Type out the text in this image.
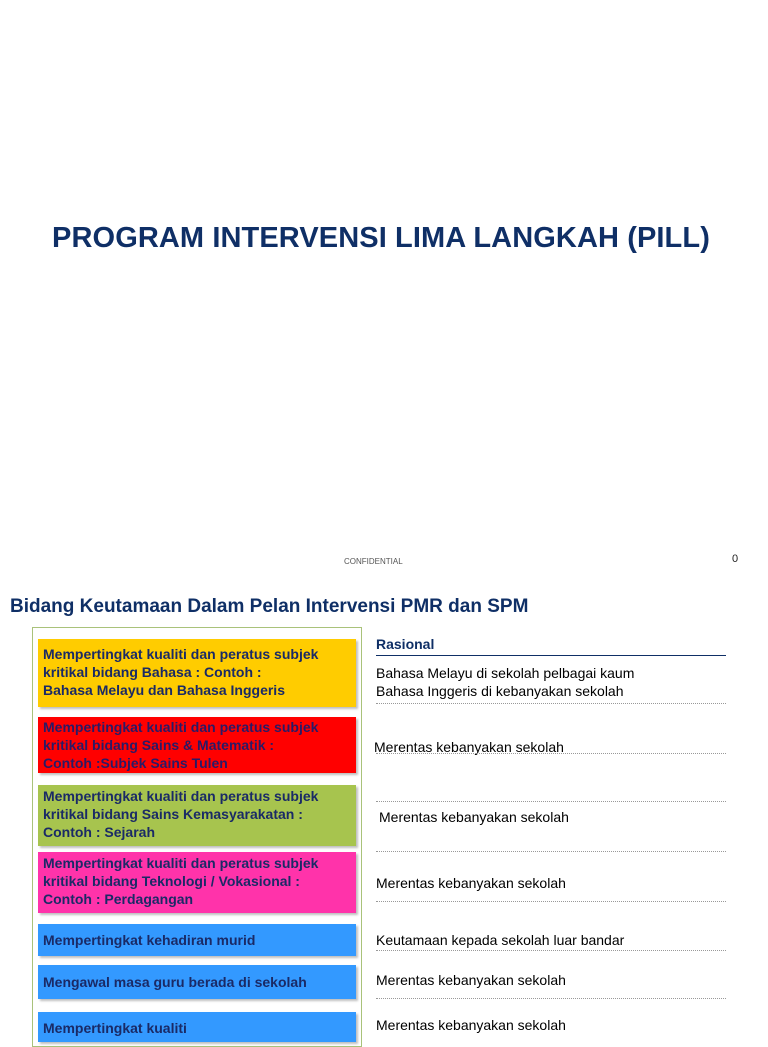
PROGRAM INTERVENSI LIMA LANGKAH (PILL)
CONFIDENTIAL	0
Bidang Keutamaan Dalam Pelan Intervensi PMR dan SPM
Mempertingkat kualiti dan peratus subjek
kritikal bidang Bahasa : Contoh :
Bahasa Melayu dan Bahasa Inggeris
Mempertingkat kualiti dan peratus subjek
kritikal bidang Sains & Matematik :
Contoh :Subjek Sains Tulen
Mempertingkat kualiti dan peratus subjek
kritikal bidang Sains Kemasyarakatan :
Contoh : Sejarah
Mempertingkat kualiti dan peratus subjek
kritikal bidang Teknologi / Vokasional :
Contoh : Perdagangan
Mempertingkat kehadiran murid
Mengawal masa guru berada di sekolah
Mempertingkat kualiti
Rasional
Bahasa Melayu di sekolah pelbagai kaum
Bahasa Inggeris di kebanyakan sekolah
Merentas kebanyakan sekolah
Merentas kebanyakan sekolah
Merentas kebanyakan sekolah
Keutamaan kepada sekolah luar bandar
Merentas kebanyakan sekolah
Merentas kebanyakan sekolah
